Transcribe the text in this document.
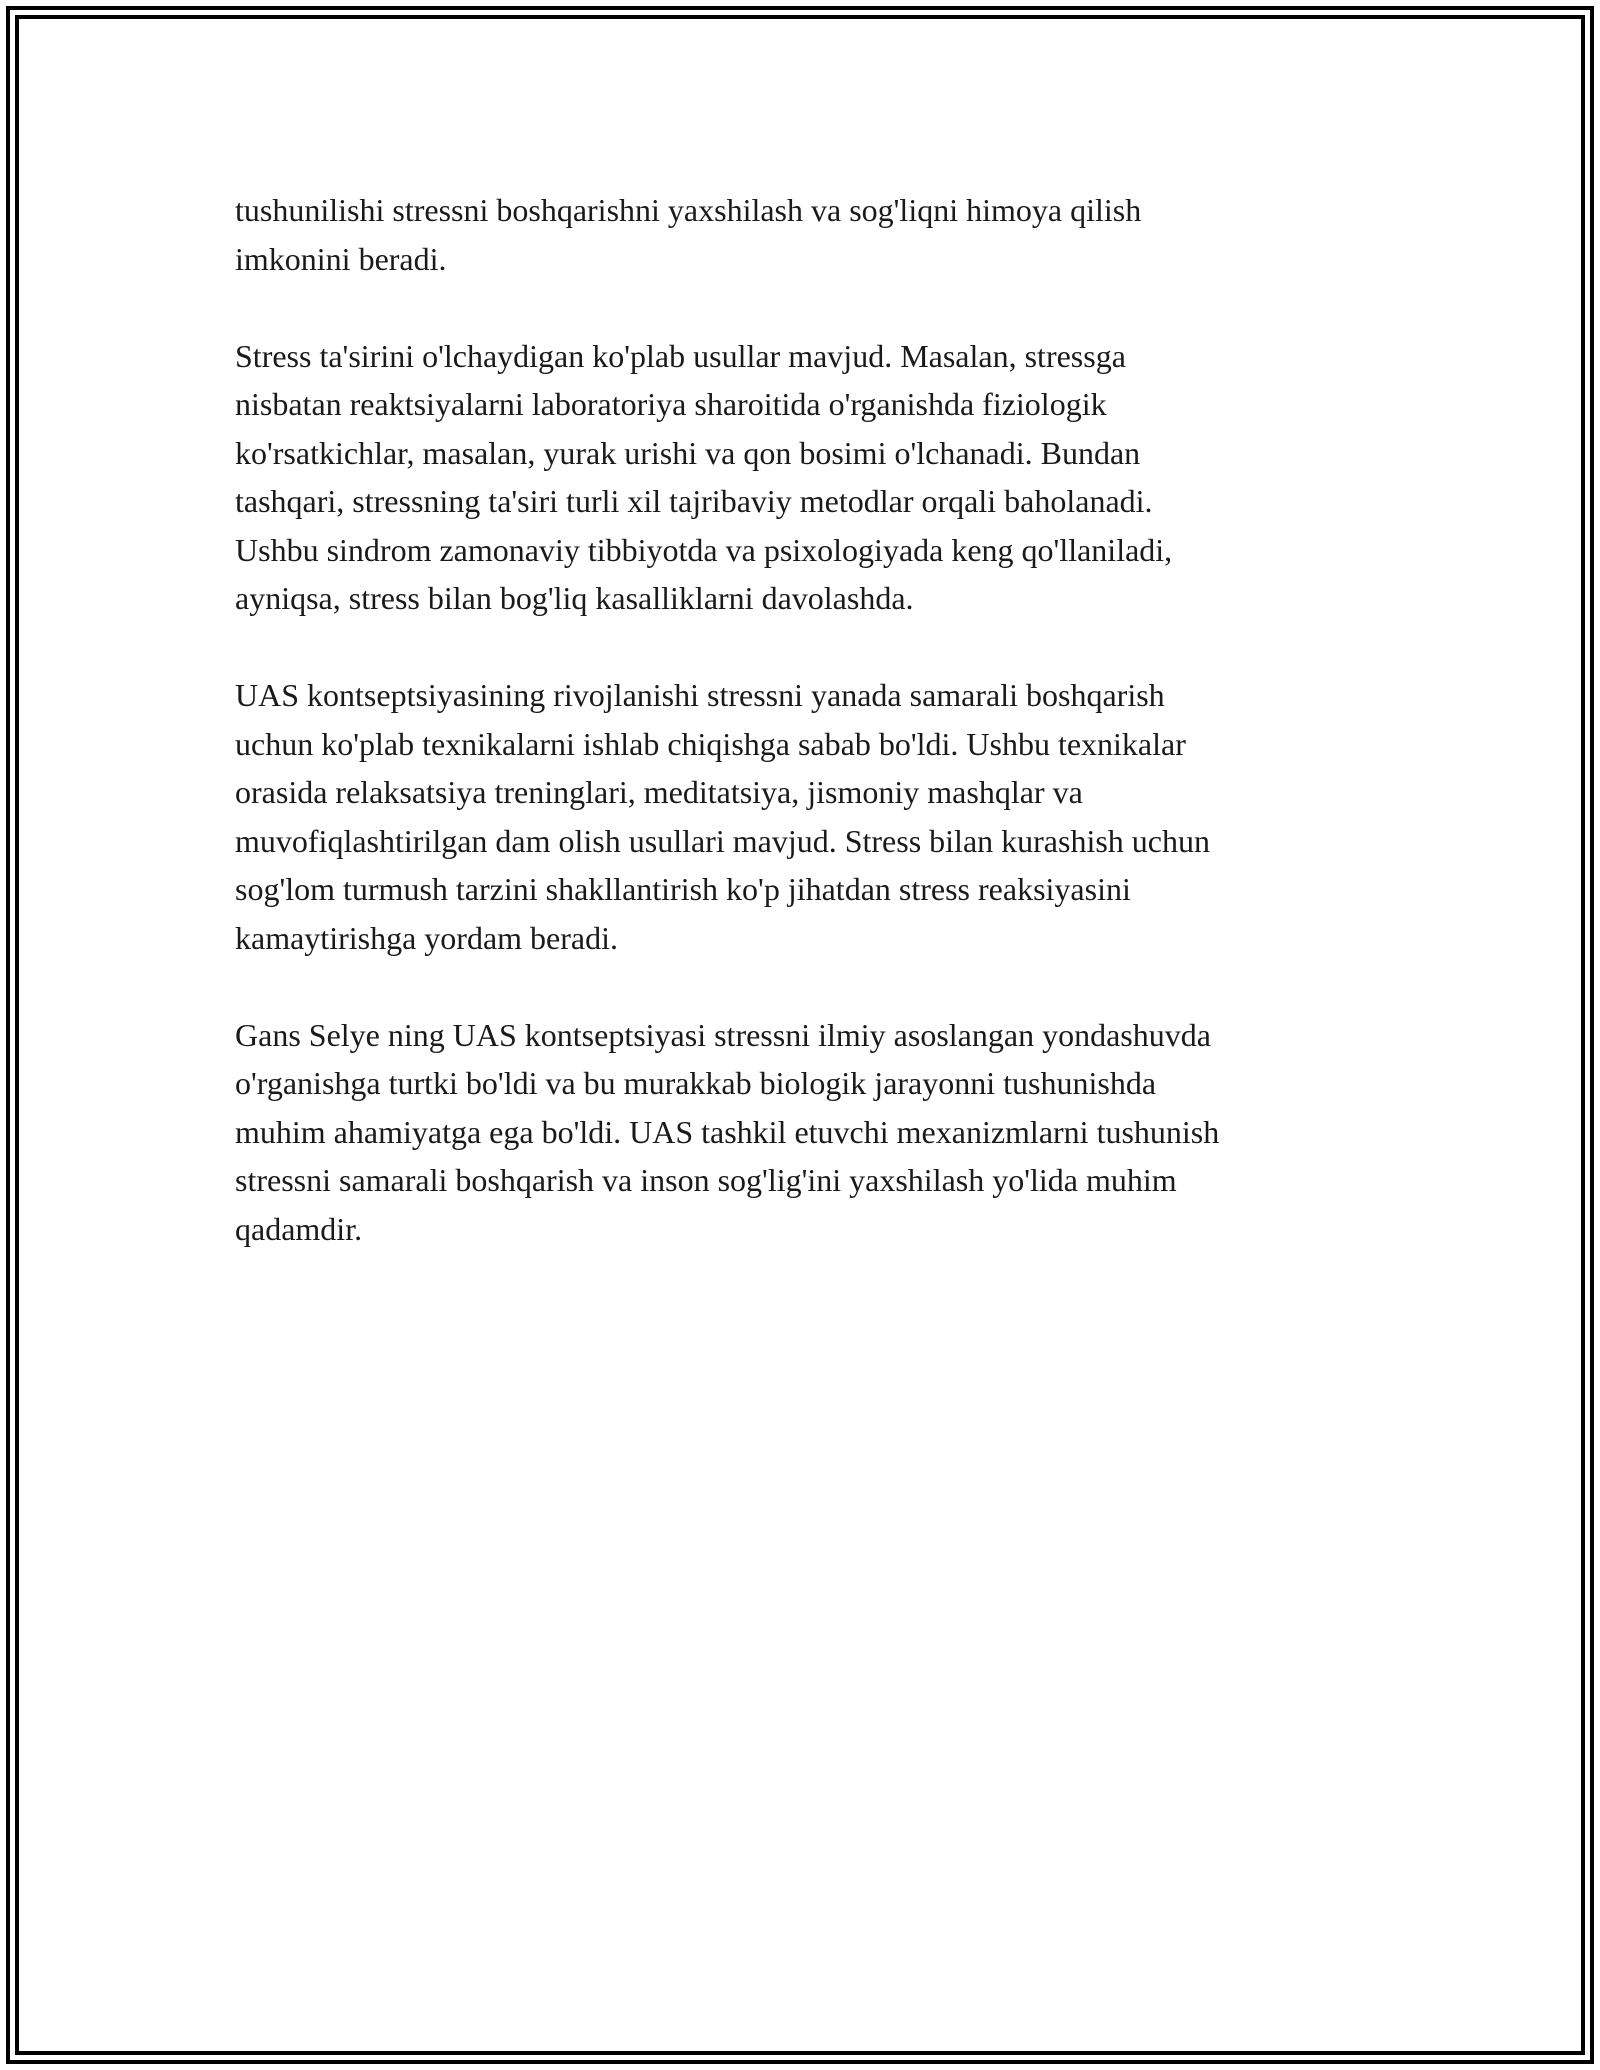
tushunilishi stressni boshqarishni yaxshilash va sog'liqni himoya qilish
imkonini beradi.

Stress ta'sirini o'lchaydigan ko'plab usullar mavjud. Masalan, stressga
nisbatan reaktsiyalarni laboratoriya sharoitida o'rganishda fiziologik
ko'rsatkichlar, masalan, yurak urishi va qon bosimi o'lchanadi. Bundan
tashqari, stressning ta'siri turli xil tajribaviy metodlar orqali baholanadi.
Ushbu sindrom zamonaviy tibbiyotda va psixologiyada keng qo'llaniladi,
ayniqsa, stress bilan bog'liq kasalliklarni davolashda.

UAS kontseptsiyasining rivojlanishi stressni yanada samarali boshqarish
uchun ko'plab texnikalarni ishlab chiqishga sabab bo'ldi. Ushbu texnikalar
orasida relaksatsiya treninglari, meditatsiya, jismoniy mashqlar va
muvofiqlashtirilgan dam olish usullari mavjud. Stress bilan kurashish uchun
sog'lom turmush tarzini shakllantirish ko'p jihatdan stress reaksiyasini
kamaytirishga yordam beradi.

Gans Selye ning UAS kontseptsiyasi stressni ilmiy asoslangan yondashuvda
o'rganishga turtki bo'ldi va bu murakkab biologik jarayonni tushunishda
muhim ahamiyatga ega bo'ldi. UAS tashkil etuvchi mexanizmlarni tushunish
stressni samarali boshqarish va inson sog'lig'ini yaxshilash yo'lida muhim
qadamdir.
